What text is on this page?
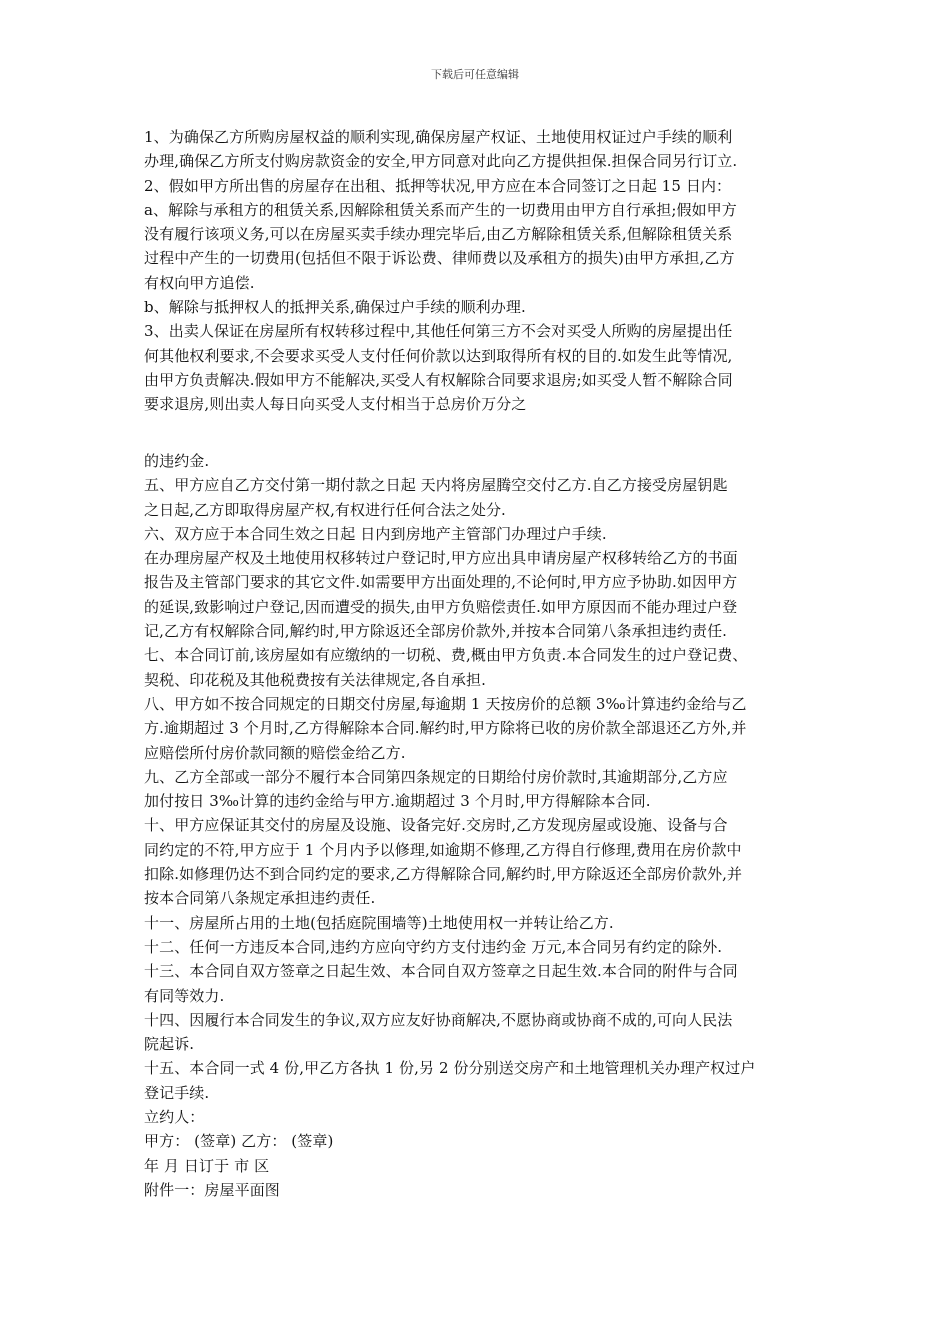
下载后可任意编辑
1、为确保乙方所购房屋权益的顺利实现,确保房屋产权证、土地使用权证过户手续的顺利
办理,确保乙方所支付购房款资金的安全,甲方同意对此向乙方提供担保.担保合同另行订立.
2、假如甲方所出售的房屋存在出租、抵押等状况,甲方应在本合同签订之日起 15 日内：
a、解除与承租方的租赁关系,因解除租赁关系而产生的一切费用由甲方自行承担;假如甲方
没有履行该项义务,可以在房屋买卖手续办理完毕后,由乙方解除租赁关系,但解除租赁关系
过程中产生的一切费用(包括但不限于诉讼费、律师费以及承租方的损失)由甲方承担,乙方
有权向甲方追偿.
b、解除与抵押权人的抵押关系,确保过户手续的顺利办理.
3、出卖人保证在房屋所有权转移过程中,其他任何第三方不会对买受人所购的房屋提出任
何其他权利要求,不会要求买受人支付任何价款以达到取得所有权的目的.如发生此等情况,
由甲方负责解决.假如甲方不能解决,买受人有权解除合同要求退房;如买受人暂不解除合同
要求退房,则出卖人每日向买受人支付相当于总房价万分之
的违约金.
五、甲方应自乙方交付第一期付款之日起 天内将房屋腾空交付乙方.自乙方接受房屋钥匙
之日起,乙方即取得房屋产权,有权进行任何合法之处分.
六、双方应于本合同生效之日起 日内到房地产主管部门办理过户手续.
在办理房屋产权及土地使用权移转过户登记时,甲方应出具申请房屋产权移转给乙方的书面
报告及主管部门要求的其它文件.如需要甲方出面处理的,不论何时,甲方应予协助.如因甲方
的延误,致影响过户登记,因而遭受的损失,由甲方负赔偿责任.如甲方原因而不能办理过户登
记,乙方有权解除合同,解约时,甲方除返还全部房价款外,并按本合同第八条承担违约责任.
七、本合同订前,该房屋如有应缴纳的一切税、费,概由甲方负责.本合同发生的过户登记费、
契税、印花税及其他税费按有关法律规定,各自承担.
八、甲方如不按合同规定的日期交付房屋,每逾期 1 天按房价的总额 3‰计算违约金给与乙
方.逾期超过 3 个月时,乙方得解除本合同.解约时,甲方除将已收的房价款全部退还乙方外,并
应赔偿所付房价款同额的赔偿金给乙方.
九、乙方全部或一部分不履行本合同第四条规定的日期给付房价款时,其逾期部分,乙方应
加付按日 3‰计算的违约金给与甲方.逾期超过 3 个月时,甲方得解除本合同.
十、甲方应保证其交付的房屋及设施、设备完好.交房时,乙方发现房屋或设施、设备与合
同约定的不符,甲方应于 1 个月内予以修理,如逾期不修理,乙方得自行修理,费用在房价款中
扣除.如修理仍达不到合同约定的要求,乙方得解除合同,解约时,甲方除返还全部房价款外,并
按本合同第八条规定承担违约责任.
十一、房屋所占用的土地(包括庭院围墙等)土地使用权一并转让给乙方.
十二、任何一方违反本合同,违约方应向守约方支付违约金 万元,本合同另有约定的除外.
十三、本合同自双方签章之日起生效、本合同自双方签章之日起生效.本合同的附件与合同
有同等效力.
十四、因履行本合同发生的争议,双方应友好协商解决,不愿协商或协商不成的,可向人民法
院起诉.
十五、本合同一式 4 份,甲乙方各执 1 份,另 2 份分别送交房产和土地管理机关办理产权过户
登记手续.
立约人：
甲方： (签章) 乙方： (签章)
年 月 日订于 市 区
附件一：房屋平面图
